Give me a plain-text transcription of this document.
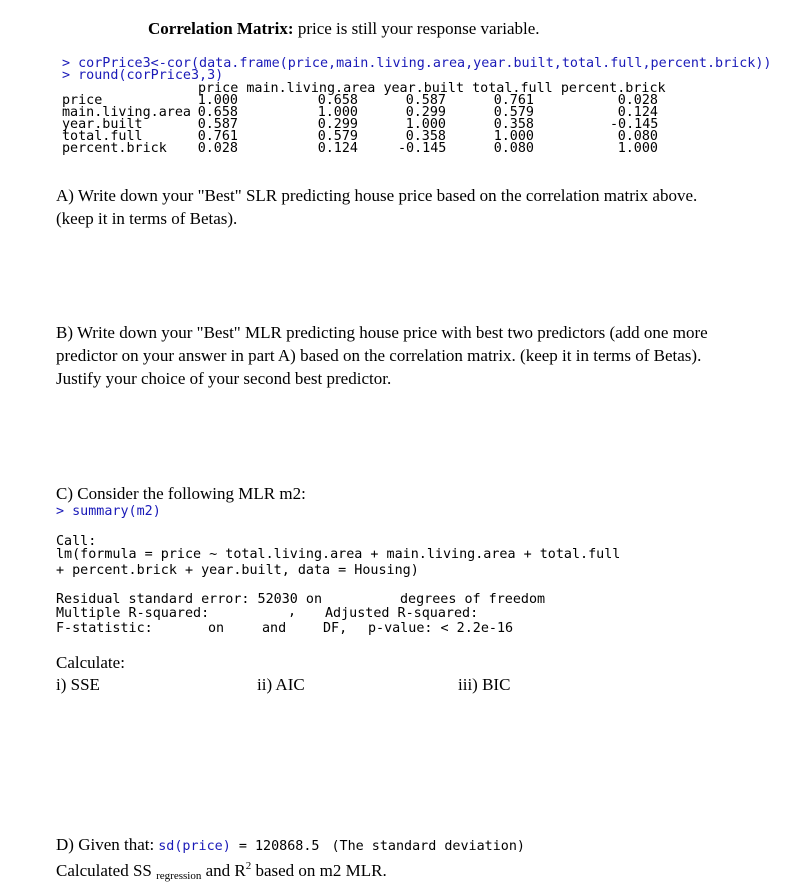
Correlation Matrix: price is still your response variable.
> corPrice3<-cor(data.frame(price,main.living.area,year.built,total.full,percent.brick))
> round(corPrice3,3)
price main.living.area year.built total.full percent.brick
price	1.000	0.658	0.587	0.761	0.028
main.living.area 0.658	1.000	0.299	0.579	0.124
year.built	0.587	0.299	1.000	0.358	-0.145
total.full	0.761	0.579	0.358	1.000	0.080
percent.brick	0.028	0.124	-0.145	0.080	1.000
A) Write down your "Best" SLR predicting house price based on the correlation matrix above.
(keep it in terms of Betas).
B) Write down your "Best" MLR predicting house price with best two predictors (add one more
predictor on your answer in part A) based on the correlation matrix. (keep it in terms of Betas).
Justify your choice of your second best predictor.
C) Consider the following MLR m2:
> summary(m2)
Call:
lm(formula = price ~ total.living.area + main.living.area + total.full
+ percent.brick + year.built, data = Housing)
Residual standard error: 52030 on	degrees of freedom
Multiple R-squared:	, Adjusted R-squared:
F-statistic:	on	and	DF, p-value: < 2.2e-16
Calculate:
i) SSE	ii) AIC	iii) BIC
D) Given that: sd(price) = 120868.5 (The standard deviation)
Calculated SS $_{regression}$ and $R^2$ based on m2 MLR.
